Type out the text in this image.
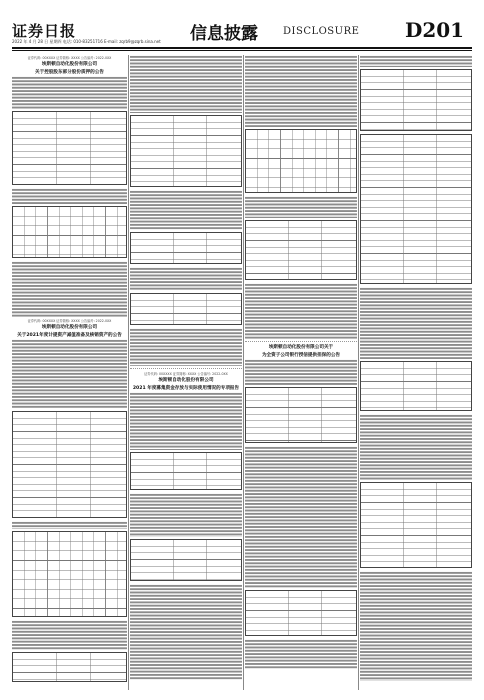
证券日报
2022 年 4 月 28 日 星期四 电话: 010-83251716 E-mail: zqrb9@zqrb.sina.net 信息披露	DISCLOSURE D201
证券代码: 00XXXX 证券简称: XXXX 公告编号: 2022-0XX
埃斯顿自动化股份有限公司
关于控股股东部分股份质押的公告
证券代码: 00XXXX 证券简称: XXXX 公告编号: 2022-0XX
埃斯顿自动化股份有限公司
关于2021年度计提资产减值准备及核销资产的公告
证券代码: 00XXXX 证券简称: XXXX 公告编号: 2022-0XX
埃斯顿自动化股份有限公司
2021 年度募集资金存放与实际使用情况的专项报告
埃斯顿自动化股份有限公司关于
为全资子公司银行授信提供担保的公告
